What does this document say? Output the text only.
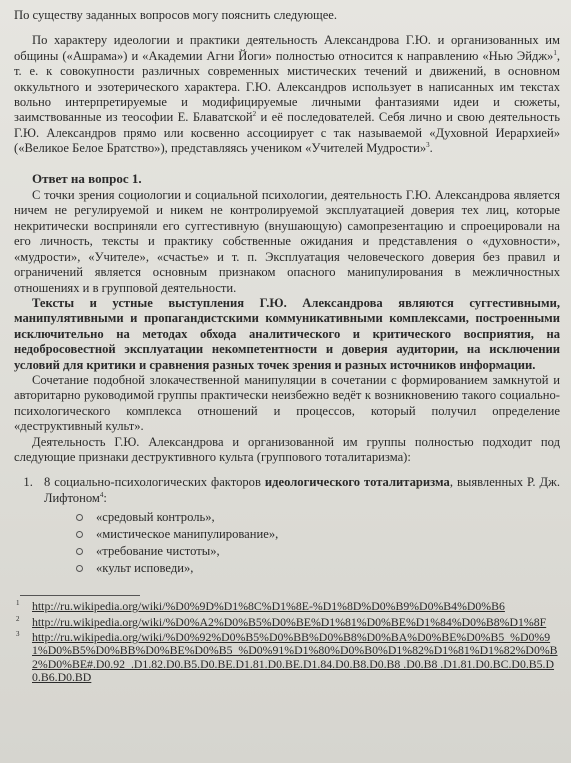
По существу заданных вопросов могу пояснить следующее.

По характеру идеологии и практики деятельность Александрова Г.Ю. и организованных им общины («Ашрама») и «Академии Агни Йоги» полностью относится к направлению «Нью Эйдж»$^1$, т. е. к совокупности различных современных мистических течений и движений, в основном оккультного и эзотерического характера. Г.Ю. Александров использует в написанных им текстах вольно интерпретируемые и модифицируемые личными фантазиями идеи и сюжеты, заимствованные из теософии Е. Блаватской$^2$ и её последователей. Себя лично и свою деятельность Г.Ю. Александров прямо или косвенно ассоциирует с так называемой «Духовной Иерархией» («Великое Белое Братство»), представляясь учеником «Учителей Мудрости»$^3$.

Ответ на вопрос 1.

С точки зрения социологии и социальной психологии, деятельность Г.Ю. Александрова является ничем не регулируемой и никем не контролируемой эксплуатацией доверия тех лиц, которые некритически восприняли его суггестивную (внушающую) самопрезентацию и спроецировали на его личность, тексты и практику собственные ожидания и представления о «духовности», «мудрости», «Учителе», «счастье» и т. п. Эксплуатация человеческого доверия без правил и ограничений является основным признаком опасного манипулирования в межличностных отношениях и в групповой деятельности.

Тексты и устные выступления Г.Ю. Александрова являются суггестивными, манипулятивными и пропагандистскими коммуникативными комплексами, построенными исключительно на методах обхода аналитического и критического восприятия, на недобросовестной эксплуатации некомпетентности и доверия аудитории, на исключении условий для критики и сравнения разных точек зрения и разных источников информации.

Сочетание подобной злокачественной манипуляции в сочетании с формированием замкнутой и авторитарно руководимой группы практически неизбежно ведёт к возникновению такого социально-психологического комплекса отношений и процессов, который получил определение «деструктивный культ».

Деятельность Г.Ю. Александрова и организованной им группы полностью подходит под следующие признаки деструктивного культа (группового тоталитаризма):

1. 8 социально-психологических факторов идеологического тоталитаризма, выявленных Р. Дж. Лифтоном$^4$:
«средовый контроль»,
«мистическое манипулирование»,
«требование чистоты»,
«культ исповеди»,
1 http://ru.wikipedia.org/wiki/%D0%9D%D1%8C%D1%8E-%D1%8D%D0%B9%D0%B4%D0%B6
2 http://ru.wikipedia.org/wiki/%D0%A2%D0%B5%D0%BE%D1%81%D0%BE%D1%84%D0%B8%D1%8F
3 http://ru.wikipedia.org/wiki/%D0%92%D0%B5%D0%BB%D0%B8%D0%BA%D0%BE%D0%B5_%D0%91%D0%B5%D0%BB%D0%BE%D0%B5_%D0%91%D1%80%D0%B0%D1%82%D1%81%D1%82%D0%B2%D0%BE#.D0.92_.D1.82.D0.B5.D0.BE.D1.81.D0.BE.D1.84.D0.B8.D0.B8 .D0.B8 .D1.81.D0.BC.D0.B5.D0.B6.D0.BD
